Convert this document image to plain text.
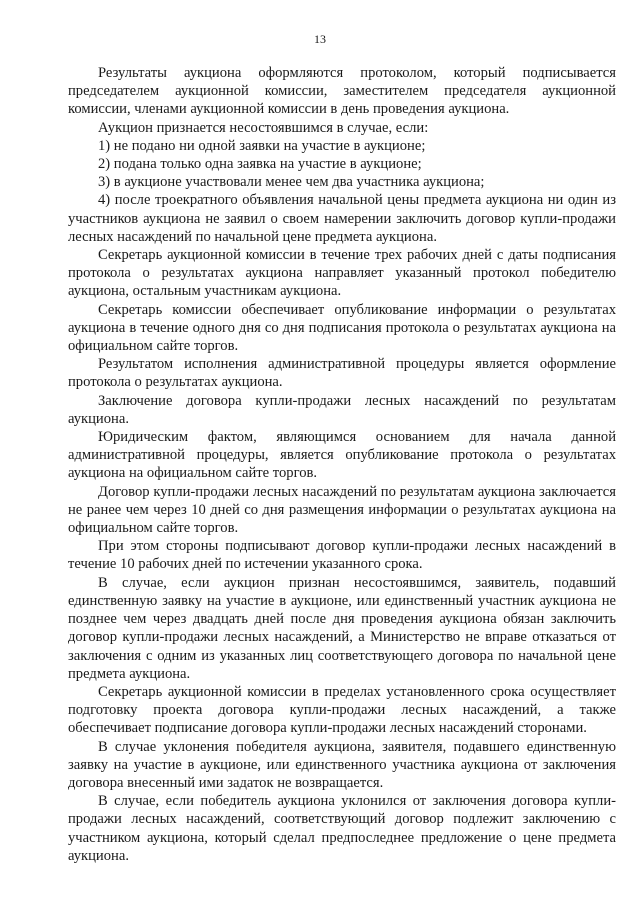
13

Результаты аукциона оформляются протоколом, который подписывается председателем аукционной комиссии, заместителем председателя аукционной комиссии, членами аукционной комиссии в день проведения аукциона.

Аукцион признается несостоявшимся в случае, если:

1) не подано ни одной заявки на участие в аукционе;

2) подана только одна заявка на участие в аукционе;

3) в аукционе участвовали менее чем два участника аукциона;

4) после троекратного объявления начальной цены предмета аукциона ни один из участников аукциона не заявил о своем намерении заключить договор купли-продажи лесных насаждений по начальной цене предмета аукциона.

Секретарь аукционной комиссии в течение трех рабочих дней с даты подписания протокола о результатах аукциона направляет указанный протокол победителю аукциона, остальным участникам аукциона.

Секретарь комиссии обеспечивает опубликование информации о результатах аукциона в течение одного дня со дня подписания протокола о результатах аукциона на официальном сайте торгов.

Результатом исполнения административной процедуры является оформление протокола о результатах аукциона.

Заключение договора купли-продажи лесных насаждений по результатам аукциона.

Юридическим фактом, являющимся основанием для начала данной административной процедуры, является опубликование протокола о результатах аукциона на официальном сайте торгов.

Договор купли-продажи лесных насаждений по результатам аукциона заключается не ранее чем через 10 дней со дня размещения информации о результатах аукциона на официальном сайте торгов.

При этом стороны подписывают договор купли-продажи лесных насаждений в течение 10 рабочих дней по истечении указанного срока.

В случае, если аукцион признан несостоявшимся, заявитель, подавший единственную заявку на участие в аукционе, или единственный участник аукциона не позднее чем через двадцать дней после дня проведения аукциона обязан заключить договор купли-продажи лесных насаждений, а Министерство не вправе отказаться от заключения с одним из указанных лиц соответствующего договора по начальной цене предмета аукциона.

Секретарь аукционной комиссии в пределах установленного срока осуществляет подготовку проекта договора купли-продажи лесных насаждений, а также обеспечивает подписание договора купли-продажи лесных насаждений сторонами.

В случае уклонения победителя аукциона, заявителя, подавшего единственную заявку на участие в аукционе, или единственного участника аукциона от заключения договора внесенный ими задаток не возвращается.

В случае, если победитель аукциона уклонился от заключения договора купли-продажи лесных насаждений, соответствующий договор подлежит заключению с участником аукциона, который сделал предпоследнее предложение о цене предмета аукциона.
